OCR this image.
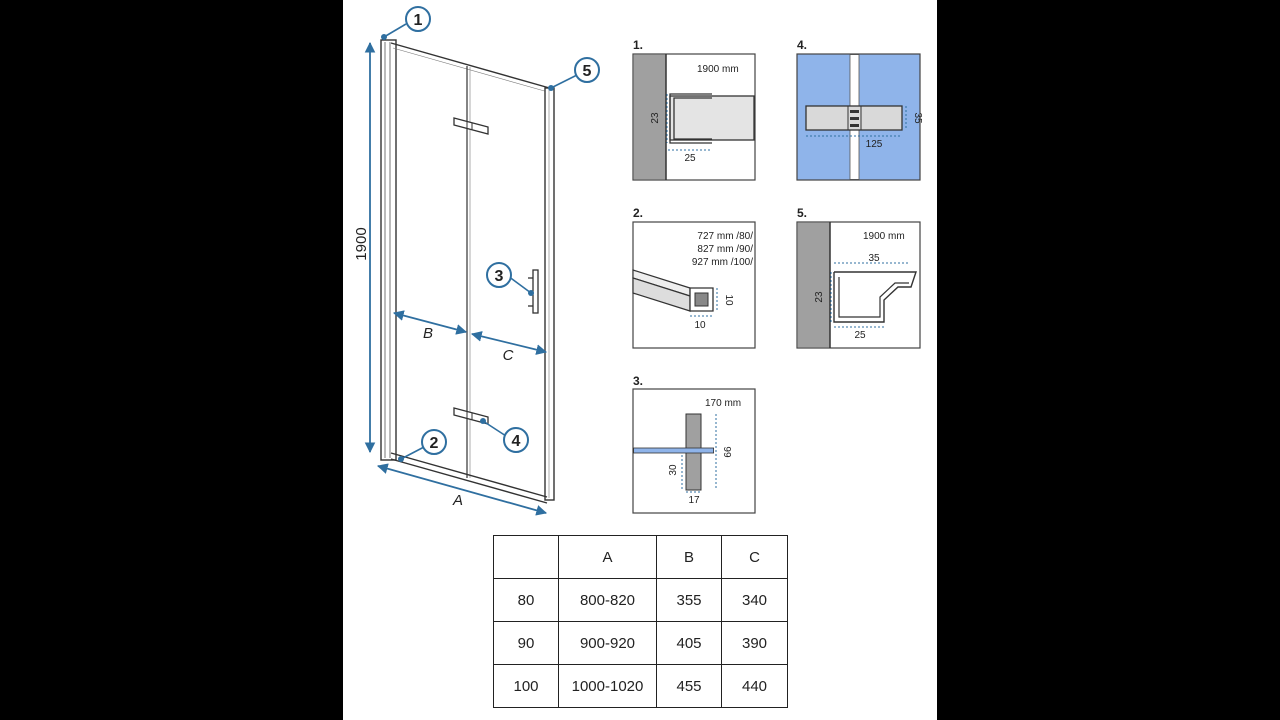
1900
A
B
C
1
5
3
2	4
1.
1900 mm
23
25
2.
727 mm /80/
827 mm /90/
927 mm /100/
10
10
3.
170 mm
66
30
17
4.
125
35
5.
1900 mm
35
23
25
	A	B	C
80	800-820	355	340
90	900-920	405	390
100	1000-1020	455	440
